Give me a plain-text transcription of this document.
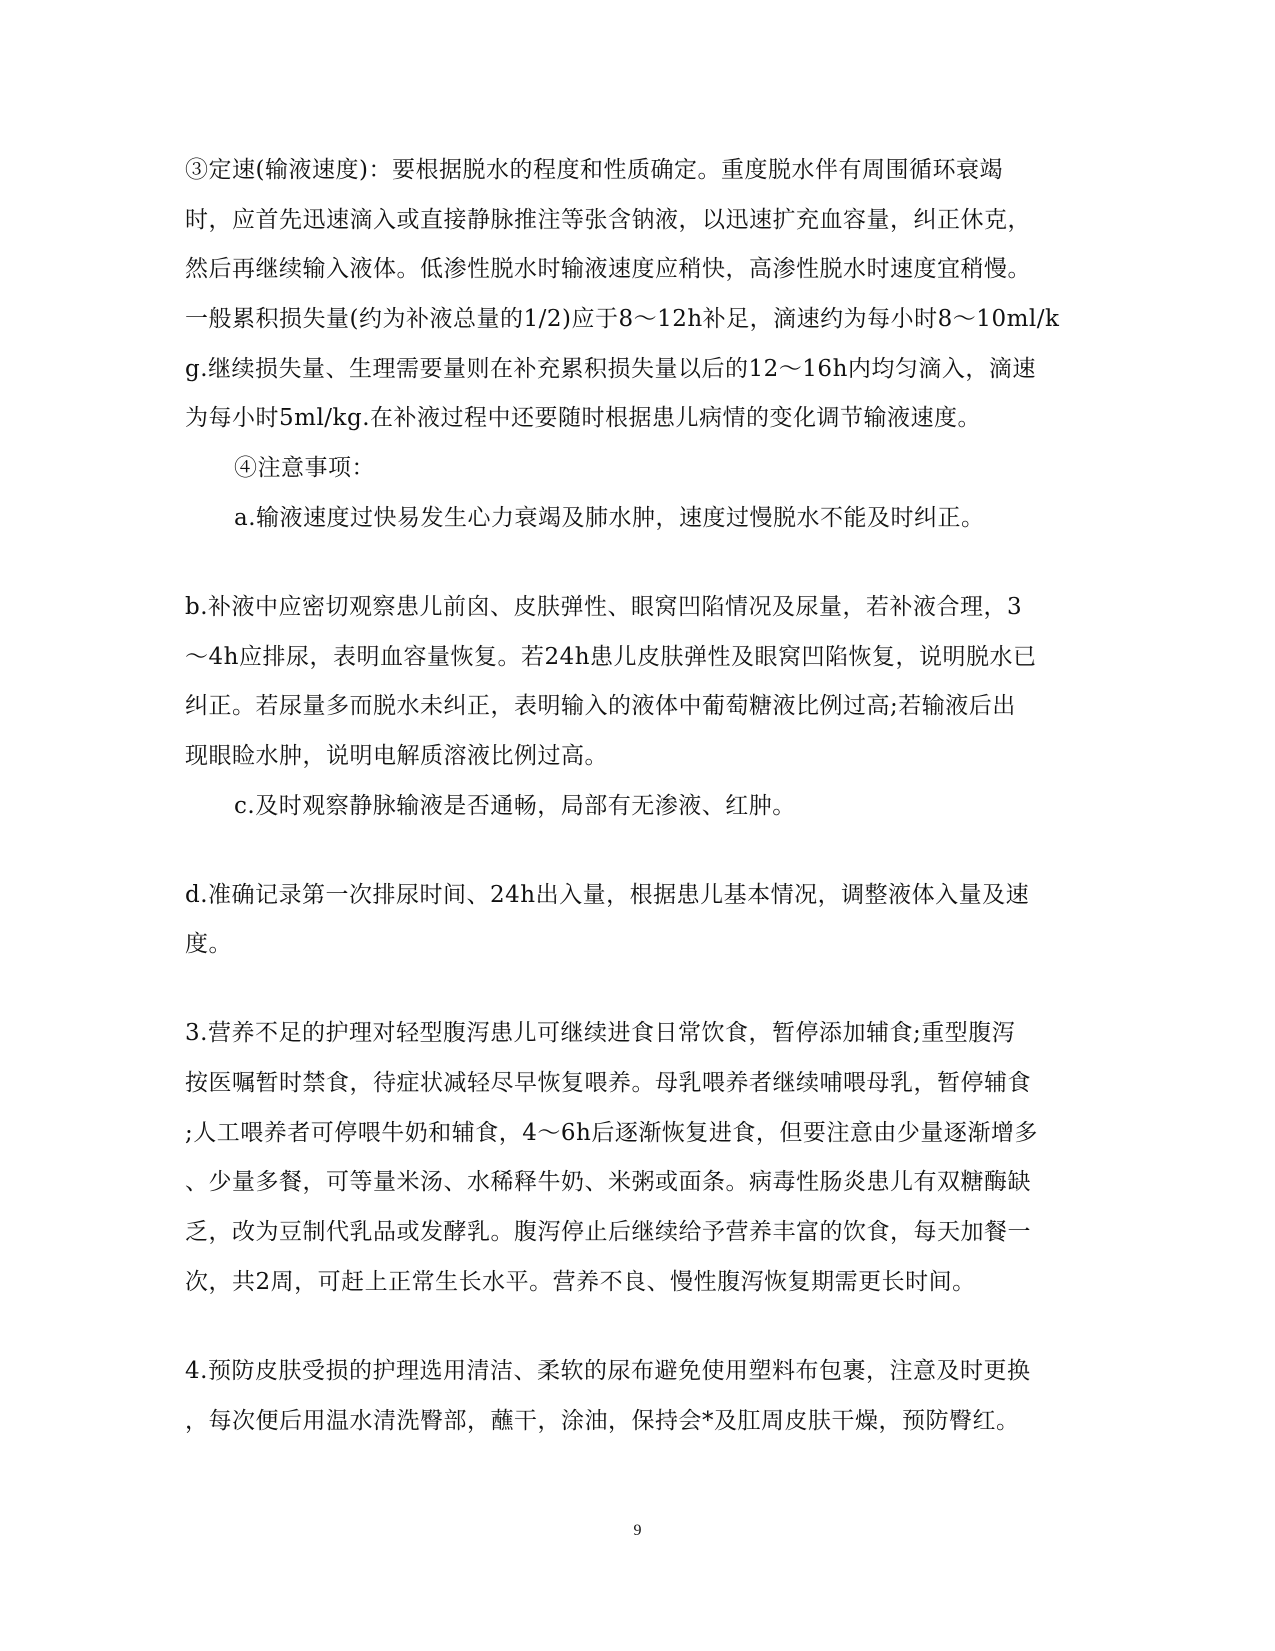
③定速(输液速度)：要根据脱水的程度和性质确定。重度脱水伴有周围循环衰竭

时，应首先迅速滴入或直接静脉推注等张含钠液，以迅速扩充血容量，纠正休克，

然后再继续输入液体。低渗性脱水时输液速度应稍快，高渗性脱水时速度宜稍慢。

一般累积损失量(约为补液总量的1/2)应于8～12h补足，滴速约为每小时8～10ml/k

g.继续损失量、生理需要量则在补充累积损失量以后的12～16h内均匀滴入，滴速

为每小时5ml/kg.在补液过程中还要随时根据患儿病情的变化调节输液速度。

④注意事项：

a.输液速度过快易发生心力衰竭及肺水肿，速度过慢脱水不能及时纠正。

b.补液中应密切观察患儿前囟、皮肤弹性、眼窝凹陷情况及尿量，若补液合理，3

～4h应排尿，表明血容量恢复。若24h患儿皮肤弹性及眼窝凹陷恢复，说明脱水已

纠正。若尿量多而脱水未纠正，表明输入的液体中葡萄糖液比例过高;若输液后出

现眼睑水肿，说明电解质溶液比例过高。

c.及时观察静脉输液是否通畅，局部有无渗液、红肿。

d.准确记录第一次排尿时间、24h出入量，根据患儿基本情况，调整液体入量及速

度。

3.营养不足的护理对轻型腹泻患儿可继续进食日常饮食，暂停添加辅食;重型腹泻

按医嘱暂时禁食，待症状减轻尽早恢复喂养。母乳喂养者继续哺喂母乳，暂停辅食

;人工喂养者可停喂牛奶和辅食，4～6h后逐渐恢复进食，但要注意由少量逐渐增多

、少量多餐，可等量米汤、水稀释牛奶、米粥或面条。病毒性肠炎患儿有双糖酶缺

乏，改为豆制代乳品或发酵乳。腹泻停止后继续给予营养丰富的饮食，每天加餐一

次，共2周，可赶上正常生长水平。营养不良、慢性腹泻恢复期需更长时间。

4.预防皮肤受损的护理选用清洁、柔软的尿布避免使用塑料布包裹，注意及时更换

，每次便后用温水清洗臀部，蘸干，涂油，保持会*及肛周皮肤干燥，预防臀红。

9
